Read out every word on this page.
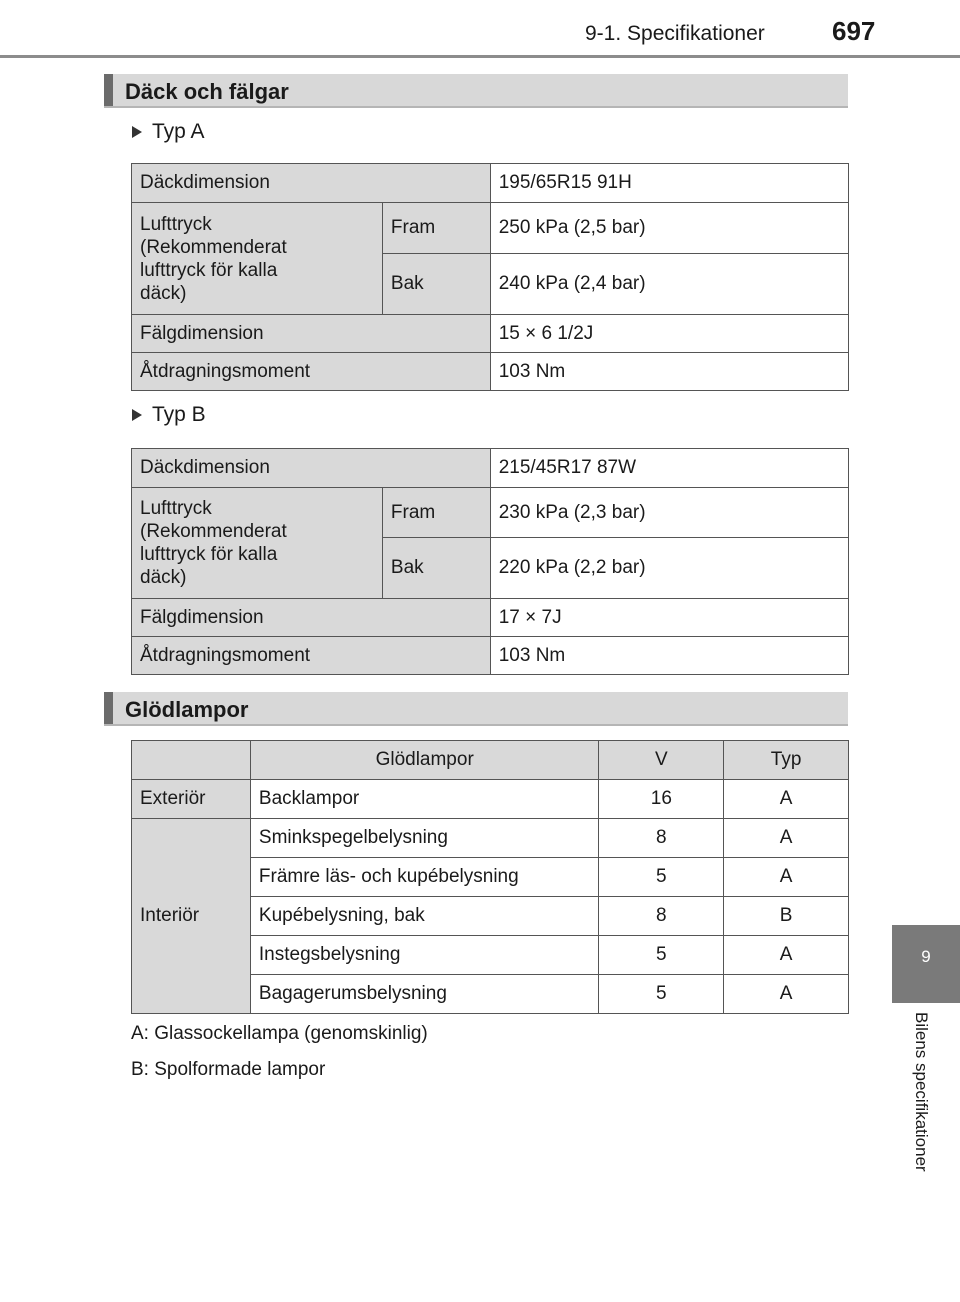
9-1. Specifikationer	697
9
Bilens specifikationer
Däck och fälgar
Typ A
Däckdimension		195/65R15 91H
Lufttryck
(Rekommenderat lufttryck för kalla däck)	Fram	250 kPa (2,5 bar)
	Bak	240 kPa (2,4 bar)
Fälgdimension		15 × 6 1/2J
Åtdragningsmoment		103 Nm
Typ B
Däckdimension		215/45R17 87W
Lufttryck
(Rekommenderat lufttryck för kalla däck)	Fram	230 kPa (2,3 bar)
	Bak	220 kPa (2,2 bar)
Fälgdimension		17 × 7J
Åtdragningsmoment		103 Nm
Glödlampor
	Glödlampor	V	Typ
Exteriör	Backlampor	16	A
Interiör	Sminkspegelbelysning	8	A
	Främre läs- och kupébelysning	5	A
	Kupébelysning, bak	8	B
	Instegsbelysning	5	A
	Bagagerumsbelysning	5	A
A: Glassockellampa (genomskinlig)
B: Spolformade lampor
